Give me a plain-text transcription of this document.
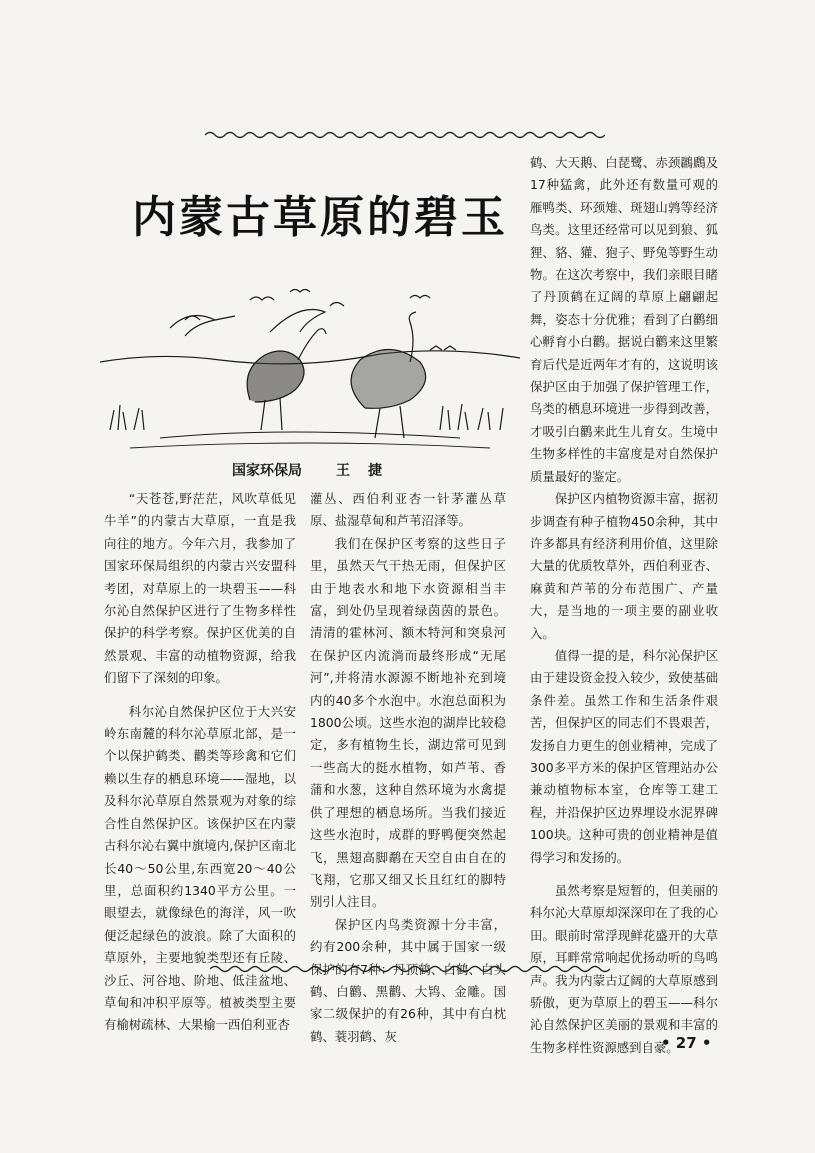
内蒙古草原的碧玉
国家环保局 王捷

“天苍苍,野茫茫，风吹草低见牛羊”的内蒙古大草原，一直是我向往的地方。今年六月，我参加了国家环保局组织的内蒙古兴安盟科考团，对草原上的一块碧玉——科尔沁自然保护区进行了生物多样性保护的科学考察。保护区优美的自然景观、丰富的动植物资源，给我们留下了深刻的印象。

科尔沁自然保护区位于大兴安岭东南麓的科尔沁草原北部，是一个以保护鹤类、鹳类等珍禽和它们赖以生存的栖息环境——湿地，以及科尔沁草原自然景观为对象的综合性自然保护区。该保护区在内蒙古科尔沁右翼中旗境内,保护区南北长40～50公里,东西宽20～40公里，总面积约1340平方公里。一眼望去，就像绿色的海洋，风一吹便泛起绿色的波浪。除了大面积的草原外，主要地貌类型还有丘陵、沙丘、河谷地、阶地、低洼盆地、草甸和冲积平原等。植被类型主要有榆树疏林、大果榆一西伯利亚杏

灌丛、西伯利亚杏一针茅灌丛草原、盐湿草甸和芦苇沼泽等。

我们在保护区考察的这些日子里，虽然天气干热无雨，但保护区由于地表水和地下水资源相当丰富，到处仍呈现着绿茵茵的景色。清清的霍林河、额木特河和突泉河在保护区内流淌而最终形成“无尾河”,并将清水源源不断地补充到境内的40多个水泡中。水泡总面积为1800公顷。这些水泡的湖岸比较稳定，多有植物生长，湖边常可见到一些高大的挺水植物，如芦苇、香蒲和水葱，这种自然环境为水禽提供了理想的栖息场所。当我们接近这些水泡时，成群的野鸭便突然起飞，黑翅高脚鹬在天空自由自在的飞翔，它那又细又长且红红的脚特别引人注目。

保护区内鸟类资源十分丰富，约有200余种，其中属于国家一级保护的有7种：丹顶鹤、白鹤、白头鹤、白鹳、黑鹳、大鸨、金雕。国家二级保护的有26种，其中有白枕鹤、蓑羽鹤、灰

鹤、大天鹅、白琵鹭、赤颈鸊鷉及17种猛禽，此外还有数量可观的雁鸭类、环颈雉、斑翅山鹑等经济鸟类。这里还经常可以见到狼、狐狸、貉、獾、狍子、野兔等野生动物。在这次考察中，我们亲眼目睹了丹顶鹤在辽阔的草原上翩翩起舞，姿态十分优雅；看到了白鹳细心孵育小白鹳。据说白鹳来这里繁育后代是近两年才有的，这说明该保护区由于加强了保护管理工作，鸟类的栖息环境进一步得到改善，才吸引白鹳来此生儿育女。生境中生物多样性的丰富度是对自然保护质量最好的鉴定。

保护区内植物资源丰富，据初步调查有种子植物450余种，其中许多都具有经济利用价值，这里除大量的优质牧草外，西伯利亚杏、麻黄和芦苇的分布范围广、产量大，是当地的一项主要的副业收入。

值得一提的是，科尔沁保护区由于建设资金投入较少，致使基础条件差。虽然工作和生活条件艰苦，但保护区的同志们不畏艰苦，发扬自力更生的创业精神，完成了300多平方米的保护区管理站办公兼动植物标本室，仓库等工建工程，并沿保护区边界埋设水泥界碑100块。这种可贵的创业精神是值得学习和发扬的。

虽然考察是短暂的，但美丽的科尔沁大草原却深深印在了我的心田。眼前时常浮现鲜花盛开的大草原，耳畔常常响起优扬动听的鸟鸣声。我为内蒙古辽阔的大草原感到骄傲，更为草原上的碧玉——科尔沁自然保护区美丽的景观和丰富的生物多样性资源感到自豪。

• 27 •
